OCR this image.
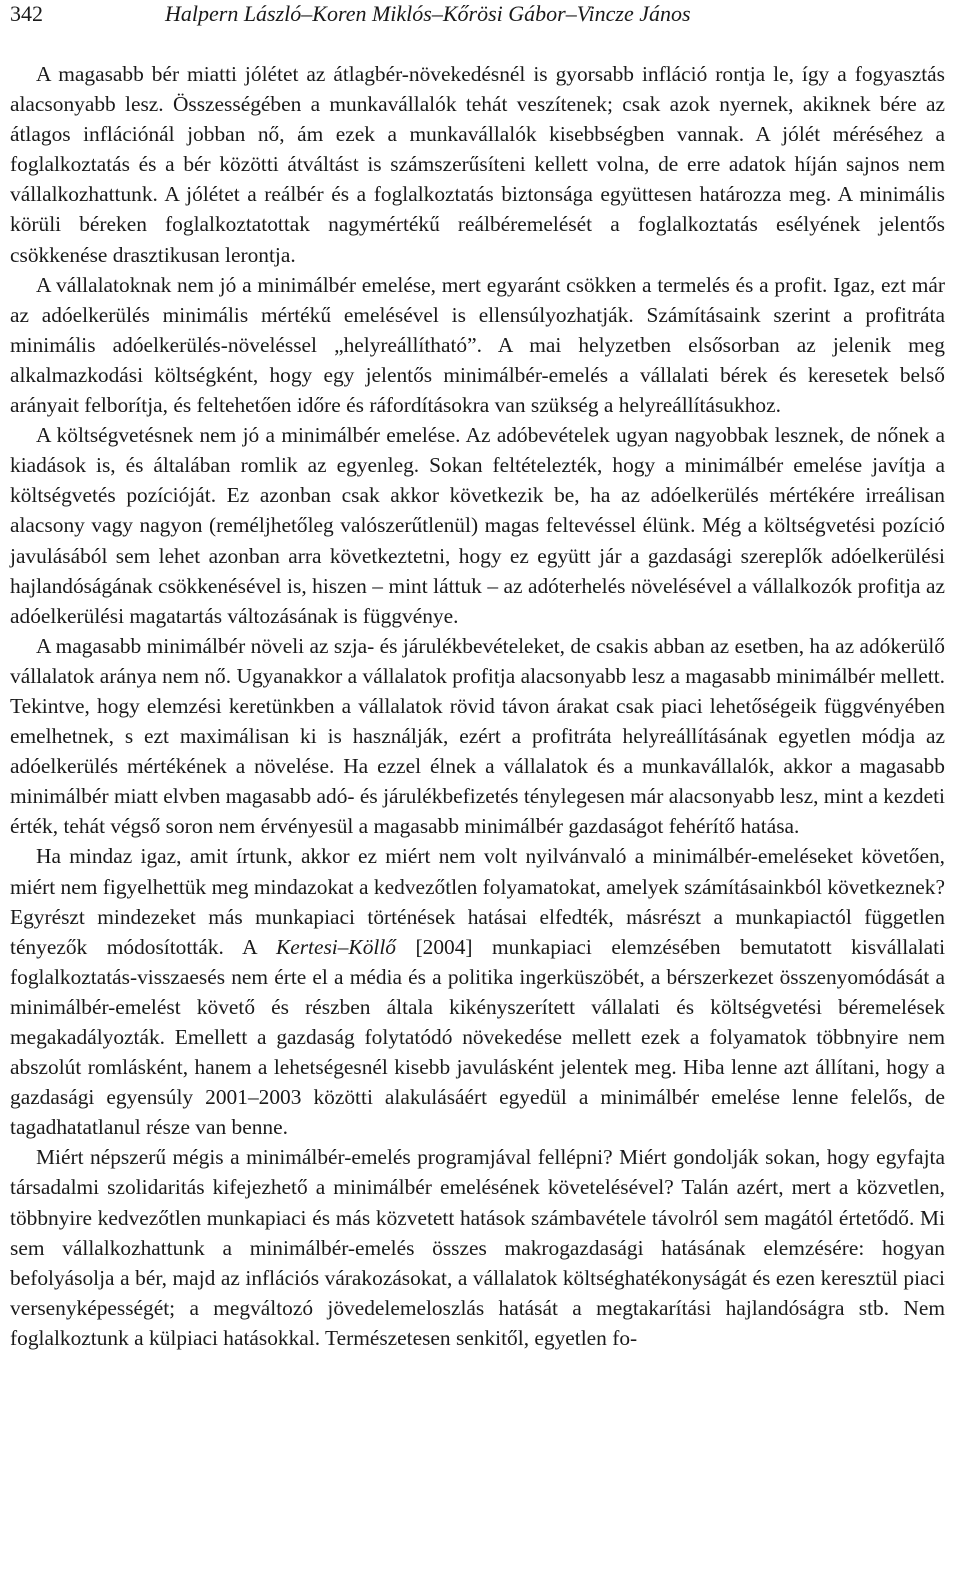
342	Halpern László–Koren Miklós–Kőrösi Gábor–Vincze János

A magasabb bér miatti jólétet az átlagbér-növekedésnél is gyorsabb infláció rontja le, így a fogyasztás alacsonyabb lesz. Összességében a munkavállalók tehát veszítenek; csak azok nyernek, akiknek bére az átlagos inflációnál jobban nő, ám ezek a munkavállalók kisebbségben vannak. A jólét méréséhez a foglalkoztatás és a bér közötti átváltást is számszerűsíteni kellett volna, de erre adatok híján sajnos nem vállalkozhattunk. A jólétet a reálbér és a foglalkoztatás biztonsága együttesen határozza meg. A minimális körüli béreken foglalkoztatottak nagymértékű reálbéremelését a foglalkoztatás esélyének jelentős csökkenése drasztikusan lerontja.

A vállalatoknak nem jó a minimálbér emelése, mert egyaránt csökken a termelés és a profit. Igaz, ezt már az adóelkerülés minimális mértékű emelésével is ellensúlyozhatják. Számításaink szerint a profitráta minimális adóelkerülés-növeléssel „helyreállítható”. A mai helyzetben elsősorban az jelenik meg alkalmazkodási költségként, hogy egy jelentős minimálbér-emelés a vállalati bérek és keresetek belső arányait felborítja, és feltehetően időre és ráfordításokra van szükség a helyreállításukhoz.

A költségvetésnek nem jó a minimálbér emelése. Az adóbevételek ugyan nagyobbak lesznek, de nőnek a kiadások is, és általában romlik az egyenleg. Sokan feltételezték, hogy a minimálbér emelése javítja a költségvetés pozícióját. Ez azonban csak akkor következik be, ha az adóelkerülés mértékére irreálisan alacsony vagy nagyon (reméljhetőleg valószerűtlenül) magas feltevéssel élünk. Még a költségvetési pozíció javulásából sem lehet azonban arra következtetni, hogy ez együtt jár a gazdasági szereplők adóelkerülési hajlandóságának csökkenésével is, hiszen – mint láttuk – az adóterhelés növelésével a vállalkozók profitja az adóelkerülési magatartás változásának is függvénye.

A magasabb minimálbér növeli az szja- és járulékbevételeket, de csakis abban az esetben, ha az adókerülő vállalatok aránya nem nő. Ugyanakkor a vállalatok profitja alacsonyabb lesz a magasabb minimálbér mellett. Tekintve, hogy elemzési keretünkben a vállalatok rövid távon árakat csak piaci lehetőségeik függvényében emelhetnek, s ezt maximálisan ki is használják, ezért a profitráta helyreállításának egyetlen módja az adóelkerülés mértékének a növelése. Ha ezzel élnek a vállalatok és a munkavállalók, akkor a magasabb minimálbér miatt elvben magasabb adó- és járulékbefizetés ténylegesen már alacsonyabb lesz, mint a kezdeti érték, tehát végső soron nem érvényesül a magasabb minimálbér gazdaságot fehérítő hatása.

Ha mindaz igaz, amit írtunk, akkor ez miért nem volt nyilvánvaló a minimálbér-emeléseket követően, miért nem figyelhettük meg mindazokat a kedvezőtlen folyamatokat, amelyek számításainkból következnek? Egyrészt mindezeket más munkapiaci történések hatásai elfedték, másrészt a munkapiactól független tényezők módosították. A Kertesi–Köllő [2004] munkapiaci elemzésében bemutatott kisvállalati foglalkoztatás-visszaesés nem érte el a média és a politika ingerküszöbét, a bérszerkezet összenyomódását a minimálbér-emelést követő és részben általa kikényszerített vállalati és költségvetési béremelések megakadályozták. Emellett a gazdaság folytatódó növekedése mellett ezek a folyamatok többnyire nem abszolút romlásként, hanem a lehetségesnél kisebb javulásként jelentek meg. Hiba lenne azt állítani, hogy a gazdasági egyensúly 2001–2003 közötti alakulásáért egyedül a minimálbér emelése lenne felelős, de tagadhatatlanul része van benne.

Miért népszerű mégis a minimálbér-emelés programjával fellépni? Miért gondolják sokan, hogy egyfajta társadalmi szolidaritás kifejezhető a minimálbér emelésének követelésével? Talán azért, mert a közvetlen, többnyire kedvezőtlen munkapiaci és más közvetett hatások számbavétele távolról sem magától értetődő. Mi sem vállalkozhattunk a minimálbér-emelés összes makrogazdasági hatásának elemzésére: hogyan befolyásolja a bér, majd az inflációs várakozásokat, a vállalatok költséghatékonyságát és ezen keresztül piaci versenyképességét; a megváltozó jövedelemeloszlás hatását a megtakarítási hajlandóságra stb. Nem foglalkoztunk a külpiaci hatásokkal. Természetesen senkitől, egyetlen fo-
